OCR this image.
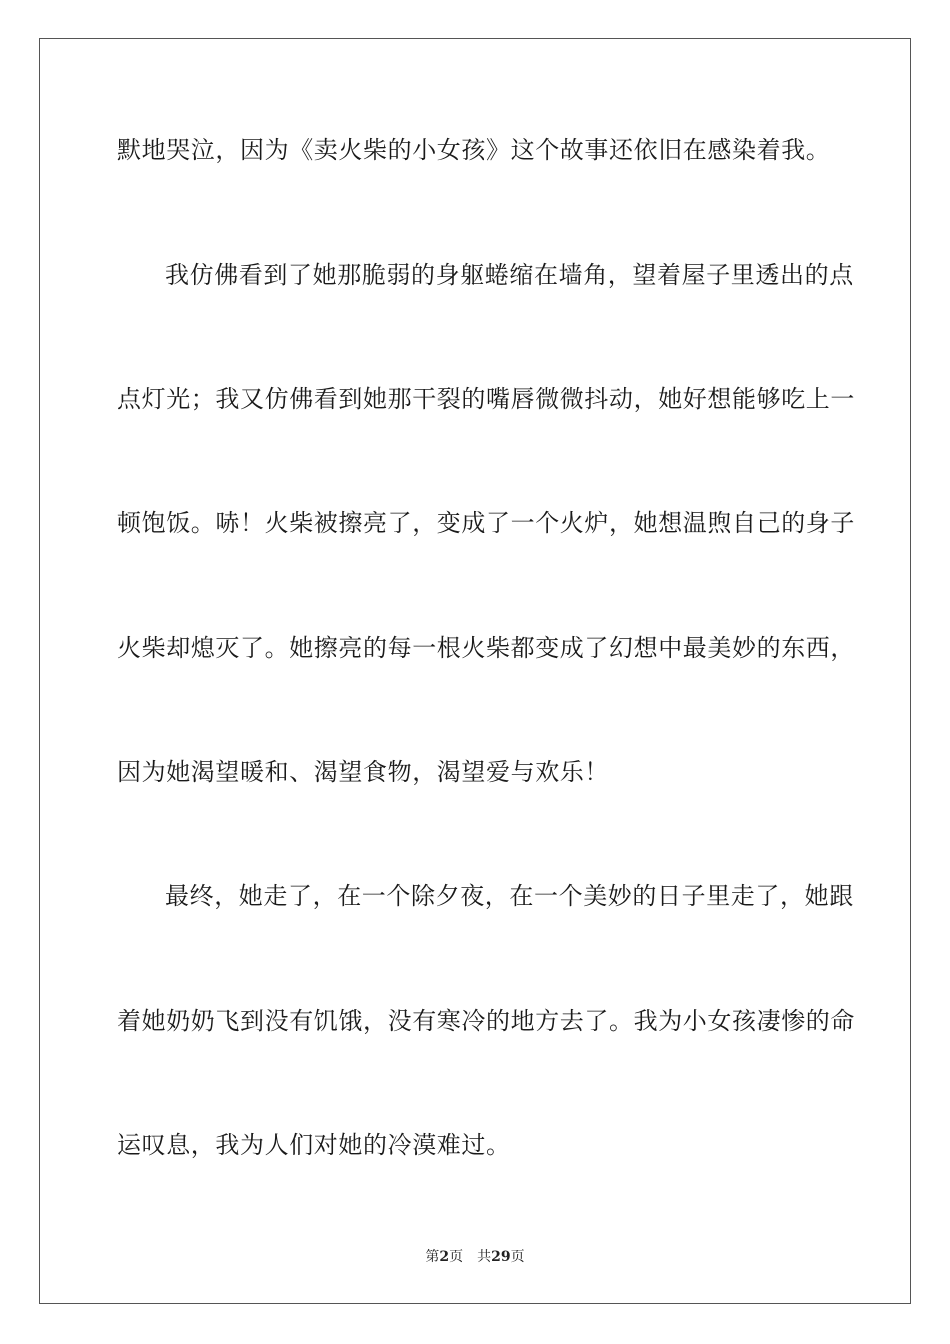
默地哭泣，因为《卖火柴的小女孩》这个故事还依旧在感染着我。
我仿佛看到了她那脆弱的身躯蜷缩在墙角，望着屋子里透出的点
点灯光；我又仿佛看到她那干裂的嘴唇微微抖动，她好想能够吃上一
顿饱饭。哧！火柴被擦亮了，变成了一个火炉，她想温煦自己的身子
火柴却熄灭了。她擦亮的每一根火柴都变成了幻想中最美妙的东西，
因为她渴望暖和、渴望食物，渴望爱与欢乐！
最终，她走了，在一个除夕夜，在一个美妙的日子里走了，她跟
着她奶奶飞到没有饥饿，没有寒冷的地方去了。我为小女孩凄惨的命
运叹息，我为人们对她的冷漠难过。
第2页 共29页
